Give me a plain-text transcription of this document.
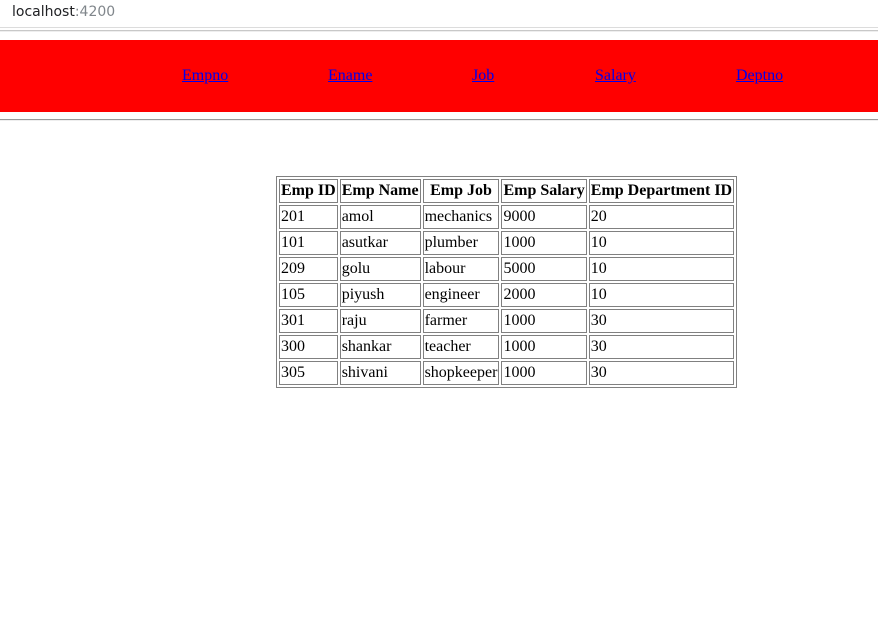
localhost:4200
Empno	Ename	Job	Salary	Deptno
Emp ID	Emp Name	Emp Job	Emp Salary	Emp Department ID
201	amol	mechanics	9000	20
101	asutkar	plumber	1000	10
209	golu	labour	5000	10
105	piyush	engineer	2000	10
301	raju	farmer	1000	30
300	shankar	teacher	1000	30
305	shivani	shopkeeper	1000	30
